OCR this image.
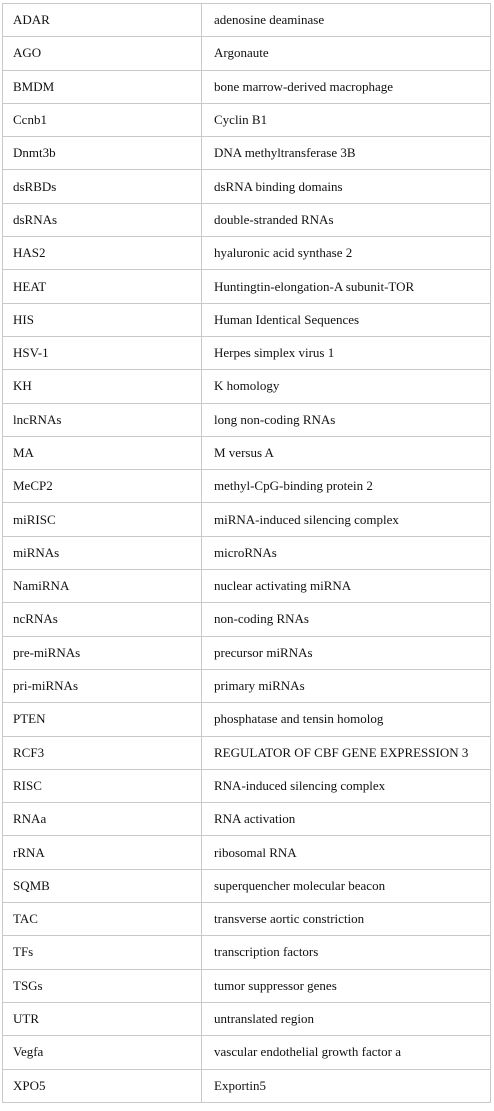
ADAR	adenosine deaminase
AGO	Argonaute
BMDM	bone marrow-derived macrophage
Ccnb1	Cyclin B1
Dnmt3b	DNA methyltransferase 3B
dsRBDs	dsRNA binding domains
dsRNAs	double-stranded RNAs
HAS2	hyaluronic acid synthase 2
HEAT	Huntingtin-elongation-A subunit-TOR
HIS	Human Identical Sequences
HSV-1	Herpes simplex virus 1
KH	K homology
lncRNAs	long non-coding RNAs
MA	M versus A
MeCP2	methyl-CpG-binding protein 2
miRISC	miRNA-induced silencing complex
miRNAs	microRNAs
NamiRNA	nuclear activating miRNA
ncRNAs	non-coding RNAs
pre-miRNAs	precursor miRNAs
pri-miRNAs	primary miRNAs
PTEN	phosphatase and tensin homolog
RCF3	REGULATOR OF CBF GENE EXPRESSION 3
RISC	RNA-induced silencing complex
RNAa	RNA activation
rRNA	ribosomal RNA
SQMB	superquencher molecular beacon
TAC	transverse aortic constriction
TFs	transcription factors
TSGs	tumor suppressor genes
UTR	untranslated region
Vegfa	vascular endothelial growth factor a
XPO5	Exportin5
